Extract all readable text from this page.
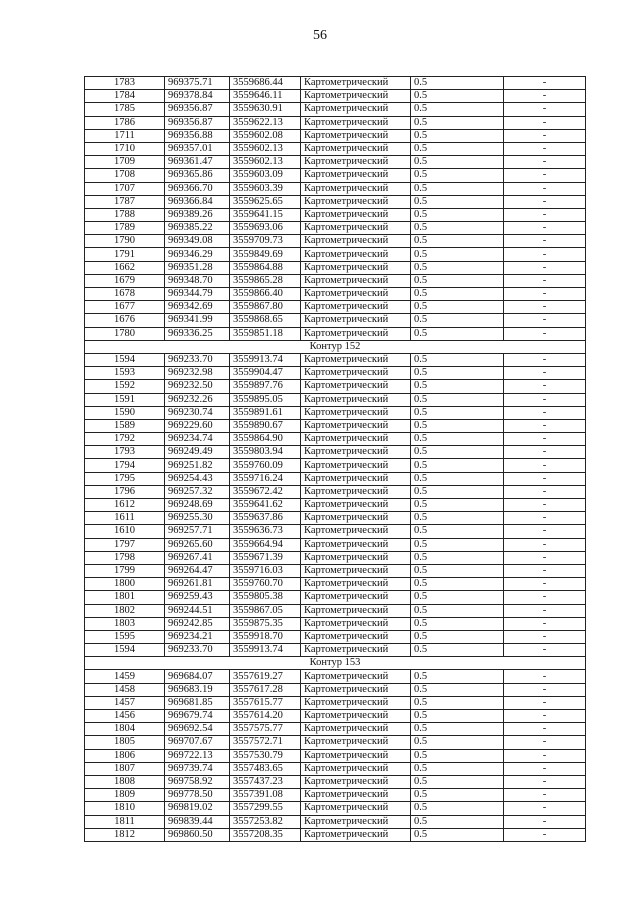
56
1783	969375.71	3559686.44	Картометрический	0.5	-
1784	969378.84	3559646.11	Картометрический	0.5	-
1785	969356.87	3559630.91	Картометрический	0.5	-
1786	969356.87	3559622.13	Картометрический	0.5	-
1711	969356.88	3559602.08	Картометрический	0.5	-
1710	969357.01	3559602.13	Картометрический	0.5	-
1709	969361.47	3559602.13	Картометрический	0.5	-
1708	969365.86	3559603.09	Картометрический	0.5	-
1707	969366.70	3559603.39	Картометрический	0.5	-
1787	969366.84	3559625.65	Картометрический	0.5	-
1788	969389.26	3559641.15	Картометрический	0.5	-
1789	969385.22	3559693.06	Картометрический	0.5	-
1790	969349.08	3559709.73	Картометрический	0.5	-
1791	969346.29	3559849.69	Картометрический	0.5	-
1662	969351.28	3559864.88	Картометрический	0.5	-
1679	969348.70	3559865.28	Картометрический	0.5	-
1678	969344.79	3559866.40	Картометрический	0.5	-
1677	969342.69	3559867.80	Картометрический	0.5	-
1676	969341.99	3559868.65	Картометрический	0.5	-
1780	969336.25	3559851.18	Картометрический	0.5	-
Контур 152					
1594	969233.70	3559913.74	Картометрический	0.5	-
1593	969232.98	3559904.47	Картометрический	0.5	-
1592	969232.50	3559897.76	Картометрический	0.5	-
1591	969232.26	3559895.05	Картометрический	0.5	-
1590	969230.74	3559891.61	Картометрический	0.5	-
1589	969229.60	3559890.67	Картометрический	0.5	-
1792	969234.74	3559864.90	Картометрический	0.5	-
1793	969249.49	3559803.94	Картометрический	0.5	-
1794	969251.82	3559760.09	Картометрический	0.5	-
1795	969254.43	3559716.24	Картометрический	0.5	-
1796	969257.32	3559672.42	Картометрический	0.5	-
1612	969248.69	3559641.62	Картометрический	0.5	-
1611	969255.30	3559637.86	Картометрический	0.5	-
1610	969257.71	3559636.73	Картометрический	0.5	-
1797	969265.60	3559664.94	Картометрический	0.5	-
1798	969267.41	3559671.39	Картометрический	0.5	-
1799	969264.47	3559716.03	Картометрический	0.5	-
1800	969261.81	3559760.70	Картометрический	0.5	-
1801	969259.43	3559805.38	Картометрический	0.5	-
1802	969244.51	3559867.05	Картометрический	0.5	-
1803	969242.85	3559875.35	Картометрический	0.5	-
1595	969234.21	3559918.70	Картометрический	0.5	-
1594	969233.70	3559913.74	Картометрический	0.5	-
Контур 153					
1459	969684.07	3557619.27	Картометрический	0.5	-
1458	969683.19	3557617.28	Картометрический	0.5	-
1457	969681.85	3557615.77	Картометрический	0.5	-
1456	969679.74	3557614.20	Картометрический	0.5	-
1804	969692.54	3557575.77	Картометрический	0.5	-
1805	969707.67	3557572.71	Картометрический	0.5	-
1806	969722.13	3557530.79	Картометрический	0.5	-
1807	969739.74	3557483.65	Картометрический	0.5	-
1808	969758.92	3557437.23	Картометрический	0.5	-
1809	969778.50	3557391.08	Картометрический	0.5	-
1810	969819.02	3557299.55	Картометрический	0.5	-
1811	969839.44	3557253.82	Картометрический	0.5	-
1812	969860.50	3557208.35	Картометрический	0.5	-
